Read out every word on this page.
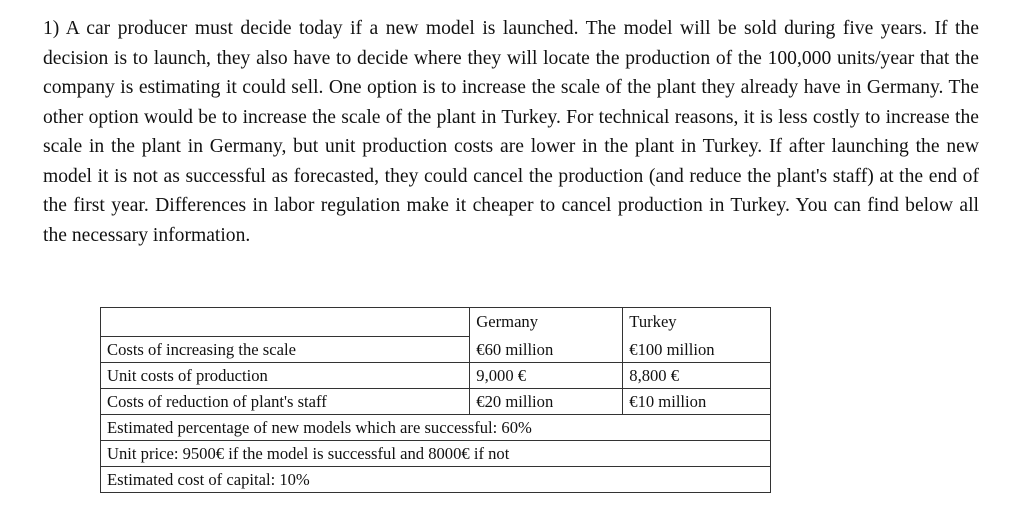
1) A car producer must decide today if a new model is launched. The model will be sold during five years. If the decision is to launch, they also have to decide where they will locate the production of the 100,000 units/year that the company is estimating it could sell. One option is to increase the scale of the plant they already have in Germany. The other option would be to increase the scale of the plant in Turkey. For technical reasons, it is less costly to increase the scale in the plant in Germany, but unit production costs are lower in the plant in Turkey. If after launching the new model it is not as successful as forecasted, they could cancel the production (and reduce the plant's staff) at the end of the first year. Differences in labor regulation make it cheaper to cancel production in Turkey. You can find below all the necessary information.

	Germany	Turkey
Costs of increasing the scale	€60 million	€100 million
Unit costs of production	9,000 €	8,800 €
Costs of reduction of plant's staff	€20 million	€10 million
Estimated percentage of new models which are successful: 60%		
Unit price: 9500€ if the model is successful and 8000€ if not		
Estimated cost of capital: 10%		
